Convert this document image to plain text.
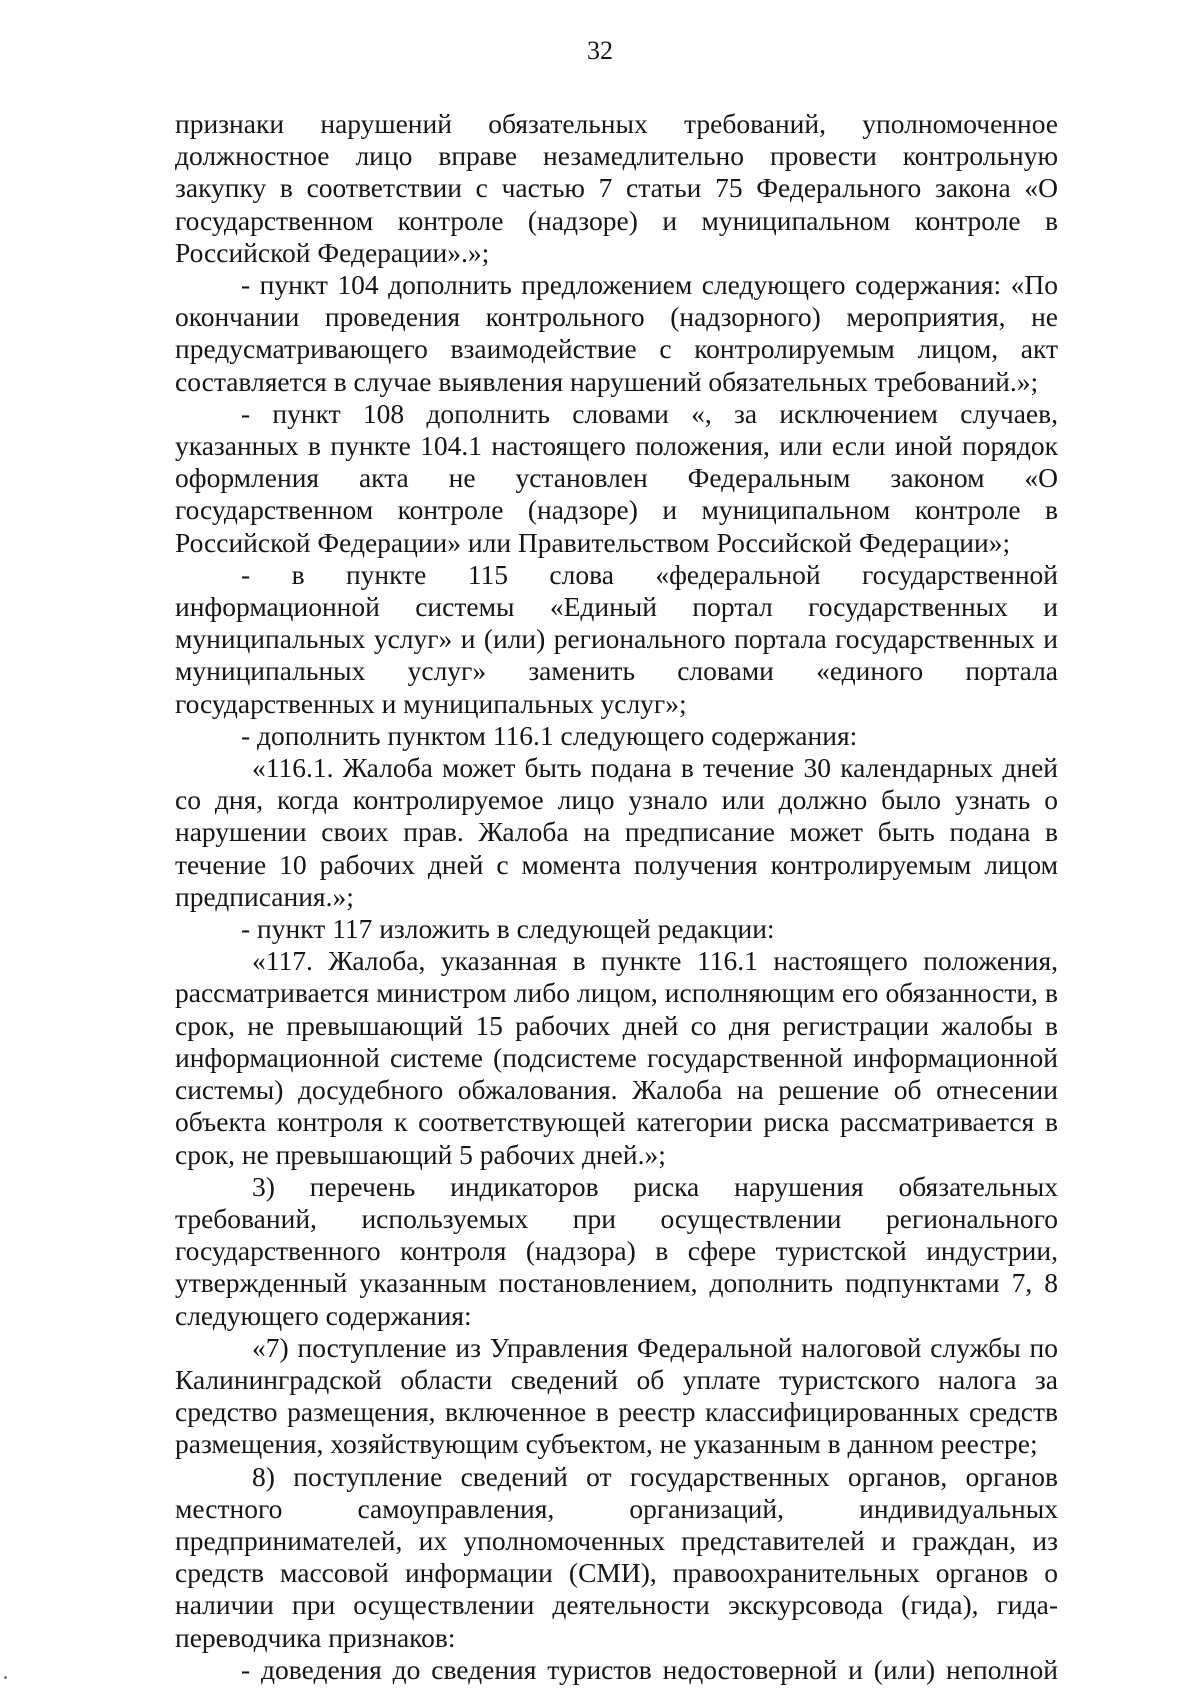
32

признаки нарушений обязательных требований, уполномоченное должностное лицо вправе незамедлительно провести контрольную закупку в соответствии с частью 7 статьи 75 Федерального закона «О государственном контроле (надзоре) и муниципальном контроле в Российской Федерации».»;

- пункт 104 дополнить предложением следующего содержания: «По окончании проведения контрольного (надзорного) мероприятия, не предусматривающего взаимодействие с контролируемым лицом, акт составляется в случае выявления нарушений обязательных требований.»;

- пункт 108 дополнить словами «, за исключением случаев, указанных в пункте 104.1 настоящего положения, или если иной порядок оформления акта не установлен Федеральным законом «О государственном контроле (надзоре) и муниципальном контроле в Российской Федерации» или Правительством Российской Федерации»;

- в пункте 115 слова «федеральной государственной информационной системы «Единый портал государственных и муниципальных услуг» и (или) регионального портала государственных и муниципальных услуг» заменить словами «единого портала государственных и муниципальных услуг»;

- дополнить пунктом 116.1 следующего содержания:

«116.1. Жалоба может быть подана в течение 30 календарных дней со дня, когда контролируемое лицо узнало или должно было узнать о нарушении своих прав. Жалоба на предписание может быть подана в течение 10 рабочих дней с момента получения контролируемым лицом предписания.»;

- пункт 117 изложить в следующей редакции:

«117. Жалоба, указанная в пункте 116.1 настоящего положения, рассматривается министром либо лицом, исполняющим его обязанности, в срок, не превышающий 15 рабочих дней со дня регистрации жалобы в информационной системе (подсистеме государственной информационной системы) досудебного обжалования. Жалоба на решение об отнесении объекта контроля к соответствующей категории риска рассматривается в срок, не превышающий 5 рабочих дней.»;

3) перечень индикаторов риска нарушения обязательных требований, используемых при осуществлении регионального государственного контроля (надзора) в сфере туристской индустрии, утвержденный указанным постановлением, дополнить подпунктами 7, 8 следующего содержания:

«7) поступление из Управления Федеральной налоговой службы по Калининградской области сведений об уплате туристского налога за средство размещения, включенное в реестр классифицированных средств размещения, хозяйствующим субъектом, не указанным в данном реестре;

8) поступление сведений от государственных органов, органов местного самоуправления, организаций, индивидуальных предпринимателей, их уполномоченных представителей и граждан, из средств массовой информации (СМИ), правоохранительных органов о наличии при осуществлении деятельности экскурсовода (гида), гида-переводчика признаков:

- доведения до сведения туристов недостоверной и (или) неполной
